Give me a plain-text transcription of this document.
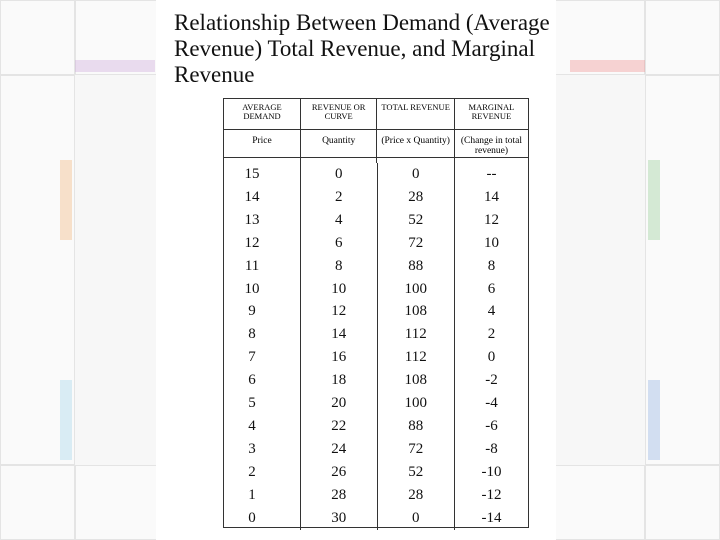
Relationship Between Demand (Average Revenue) Total Revenue, and Marginal Revenue
AVERAGE DEMAND	REVENUE OR CURVE	TOTAL REVENUE	MARGINAL REVENUE
Price	Quantity	(Price x Quantity)	(Change in total revenue)

15	0	0	--
14	2	28	14
13	4	52	12
12	6	72	10
11	8	88	8
10	10	100	6
9	12	108	4
8	14	112	2
7	16	112	0
6	18	108	-2
5	20	100	-4
4	22	88	-6
3	24	72	-8
2	26	52	-10
1	28	28	-12
0	30	0	-14
